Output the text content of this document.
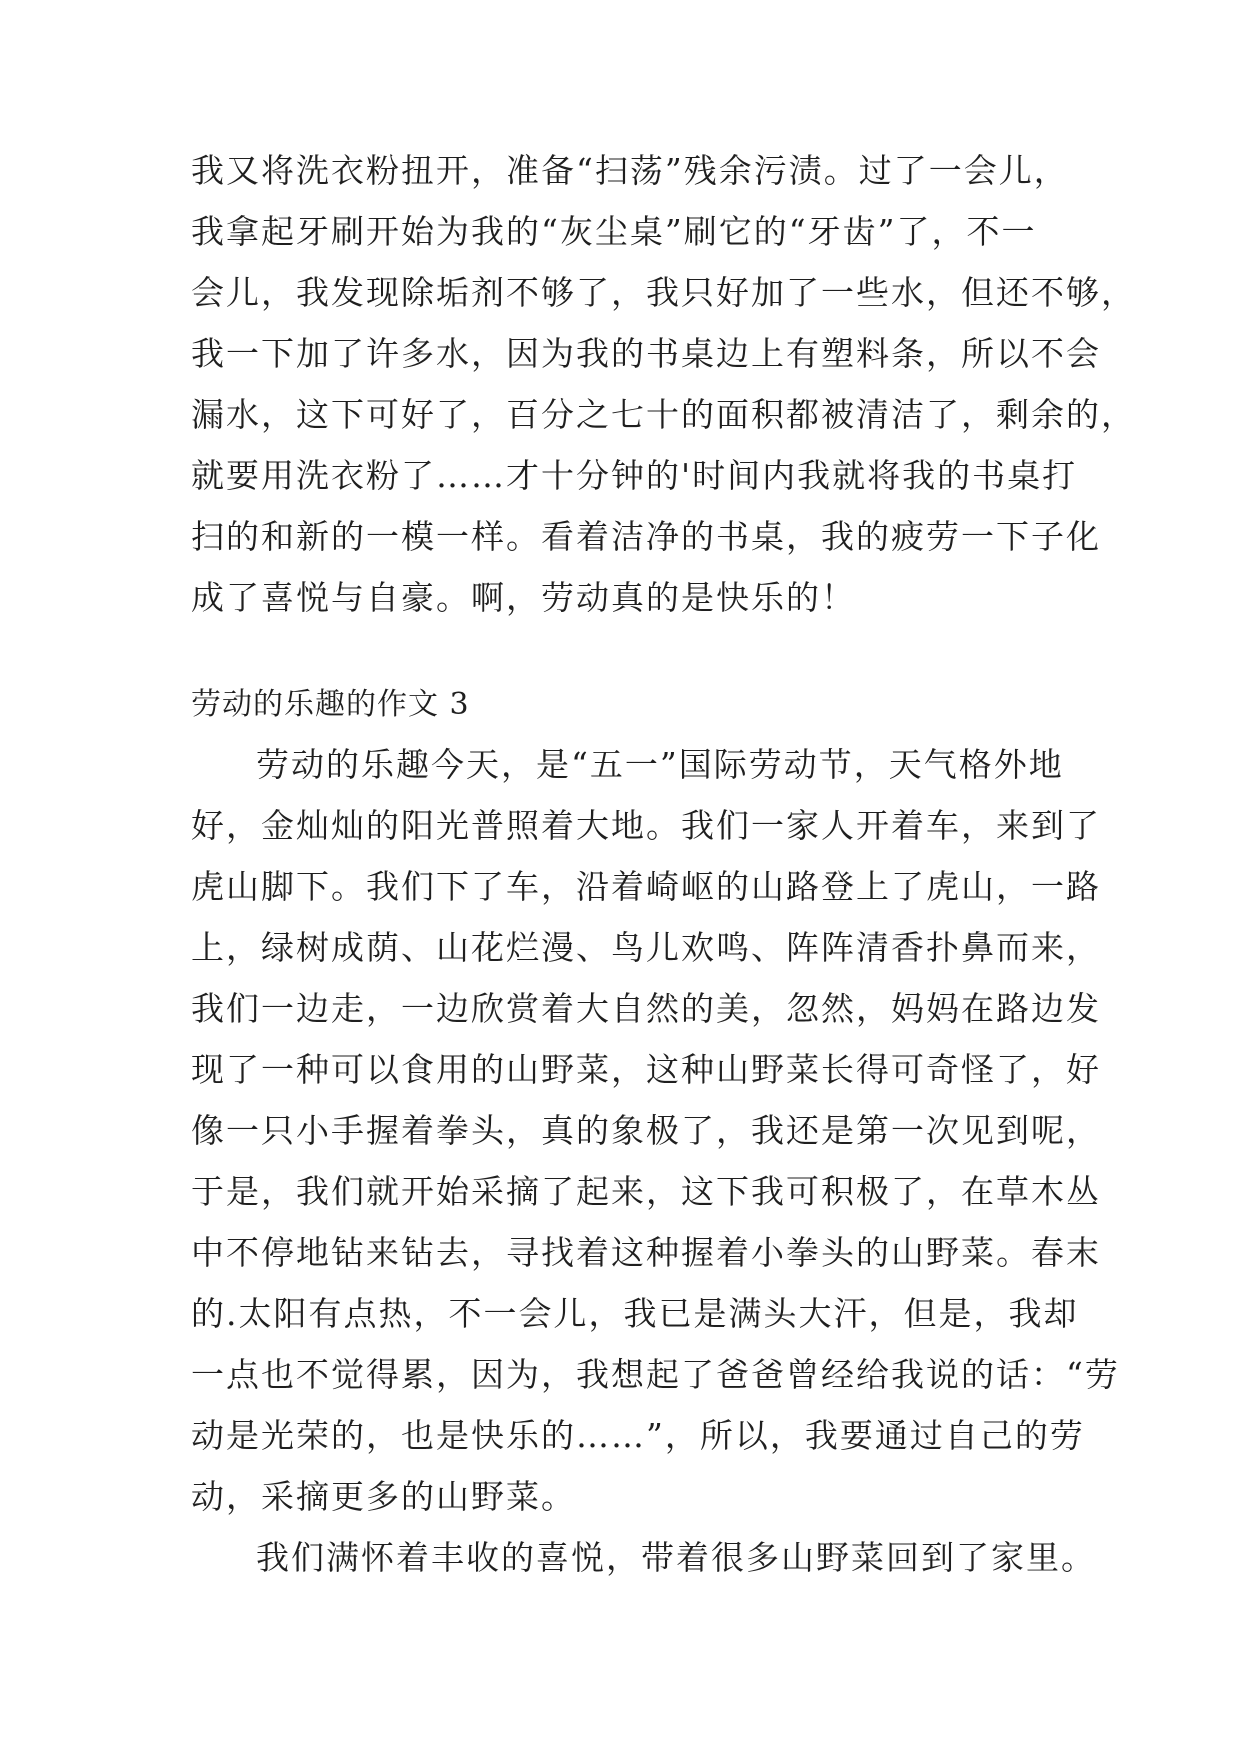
我又将洗衣粉扭开，准备“扫荡”残余污渍。过了一会儿，
我拿起牙刷开始为我的“灰尘桌”刷它的“牙齿”了，不一
会儿，我发现除垢剂不够了，我只好加了一些水，但还不够，
我一下加了许多水，因为我的书桌边上有塑料条，所以不会
漏水，这下可好了，百分之七十的面积都被清洁了，剩余的，
就要用洗衣粉了……才十分钟的'时间内我就将我的书桌打
扫的和新的一模一样。看着洁净的书桌，我的疲劳一下子化
成了喜悦与自豪。啊，劳动真的是快乐的！
劳动的乐趣的作文 3
劳动的乐趣今天，是“五一”国际劳动节，天气格外地
好，金灿灿的阳光普照着大地。我们一家人开着车，来到了
虎山脚下。我们下了车，沿着崎岖的山路登上了虎山，一路
上，绿树成荫、山花烂漫、鸟儿欢鸣、阵阵清香扑鼻而来，
我们一边走，一边欣赏着大自然的美，忽然，妈妈在路边发
现了一种可以食用的山野菜，这种山野菜长得可奇怪了，好
像一只小手握着拳头，真的象极了，我还是第一次见到呢，
于是，我们就开始采摘了起来，这下我可积极了，在草木丛
中不停地钻来钻去，寻找着这种握着小拳头的山野菜。春末
的.太阳有点热，不一会儿，我已是满头大汗，但是，我却
一点也不觉得累，因为，我想起了爸爸曾经给我说的话：“劳
动是光荣的，也是快乐的……”，所以，我要通过自己的劳
动，采摘更多的山野菜。
我们满怀着丰收的喜悦，带着很多山野菜回到了家里。
